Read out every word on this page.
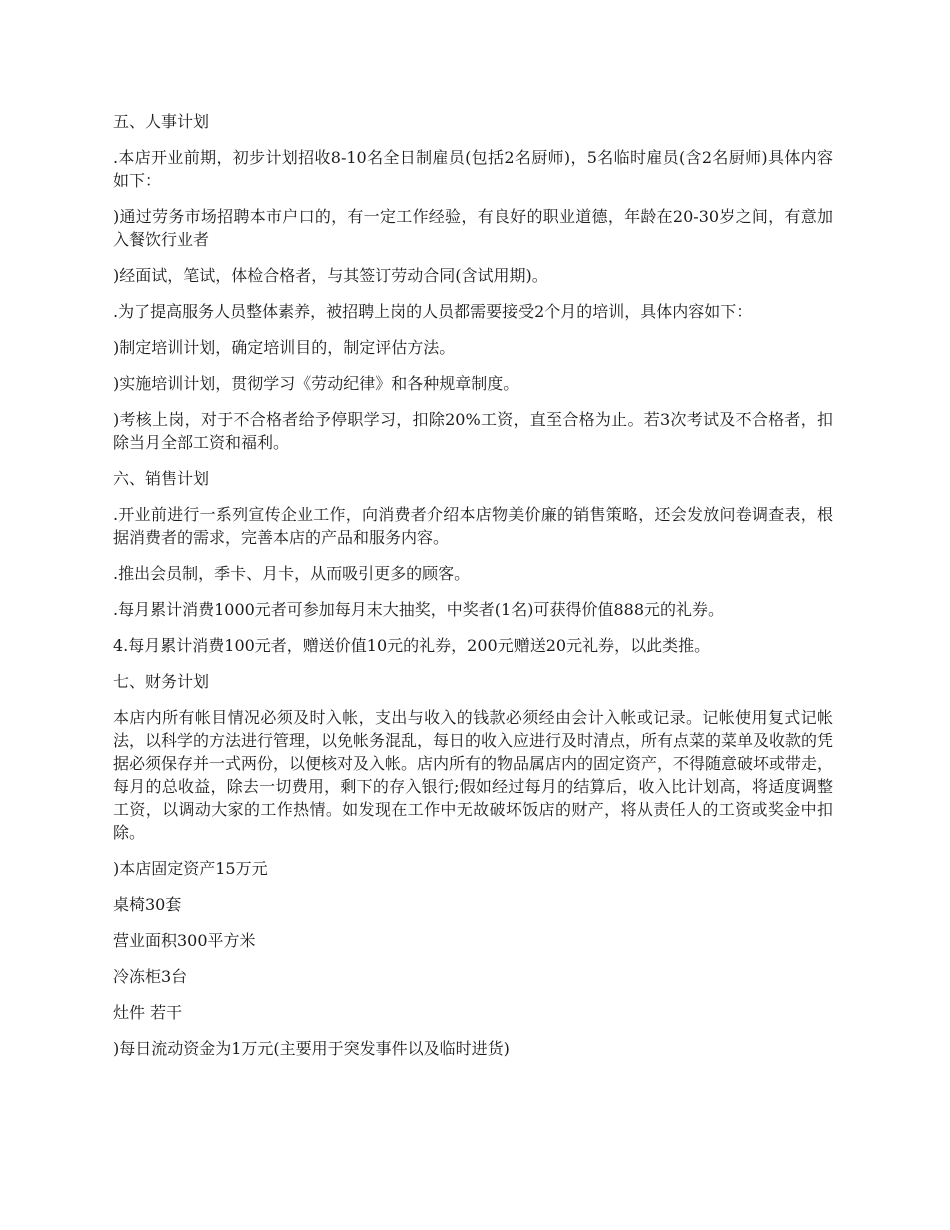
五、人事计划

.本店开业前期，初步计划招收8-10名全日制雇员(包括2名厨师)，5名临时雇员(含2名厨师)具体内容如下：

)通过劳务市场招聘本市户口的，有一定工作经验，有良好的职业道德，年龄在20-30岁之间，有意加入餐饮行业者

)经面试，笔试，体检合格者，与其签订劳动合同(含试用期)。

.为了提高服务人员整体素养，被招聘上岗的人员都需要接受2个月的培训，具体内容如下：

)制定培训计划，确定培训目的，制定评估方法。

)实施培训计划，贯彻学习《劳动纪律》和各种规章制度。

)考核上岗，对于不合格者给予停职学习，扣除20%工资，直至合格为止。若3次考试及不合格者，扣除当月全部工资和福利。

六、销售计划

.开业前进行一系列宣传企业工作，向消费者介绍本店物美价廉的销售策略，还会发放问卷调查表，根据消费者的需求，完善本店的产品和服务内容。

.推出会员制，季卡、月卡，从而吸引更多的顾客。

.每月累计消费1000元者可参加每月末大抽奖，中奖者(1名)可获得价值888元的礼券。

4.每月累计消费100元者，赠送价值10元的礼券，200元赠送20元礼券，以此类推。

七、财务计划

本店内所有帐目情况必须及时入帐，支出与收入的钱款必须经由会计入帐或记录。记帐使用复式记帐法，以科学的方法进行管理，以免帐务混乱，每日的收入应进行及时清点，所有点菜的菜单及收款的凭据必须保存并一式两份，以便核对及入帐。店内所有的物品属店内的固定资产，不得随意破坏或带走，每月的总收益，除去一切费用，剩下的存入银行;假如经过每月的结算后，收入比计划高，将适度调整工资，以调动大家的工作热情。如发现在工作中无故破坏饭店的财产，将从责任人的工资或奖金中扣除。

)本店固定资产15万元

桌椅30套

营业面积300平方米

冷冻柜3台

灶件 若干

)每日流动资金为1万元(主要用于突发事件以及临时进货)
